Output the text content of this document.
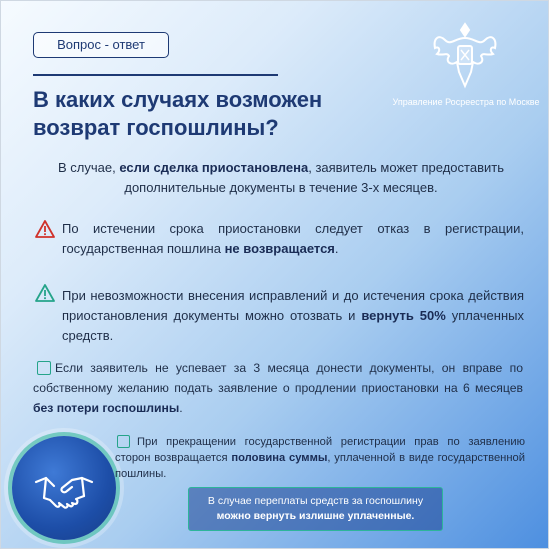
Вопрос - ответ
В каких случаях возможен возврат госпошлины?
Управление Росреестра по Москве
В случае, если сделка приостановлена, заявитель может предоставить дополнительные документы в течение 3-х месяцев.
По истечении срока приостановки следует отказ в регистрации, государственная пошлина не возвращается.
При невозможности внесения исправлений и до истечения срока действия приостановления документы можно отозвать и вернуть 50% уплаченных средств.
Если заявитель не успевает за 3 месяца донести документы, он вправе по собственному желанию подать заявление о продлении приостановки на 6 месяцев без потери госпошлины.
При прекращении государственной регистрации прав по заявлению сторон возвращается половина суммы, уплаченной в виде государственной пошлины.
В случае переплаты средств за госпошлину
можно вернуть излишне уплаченные.
